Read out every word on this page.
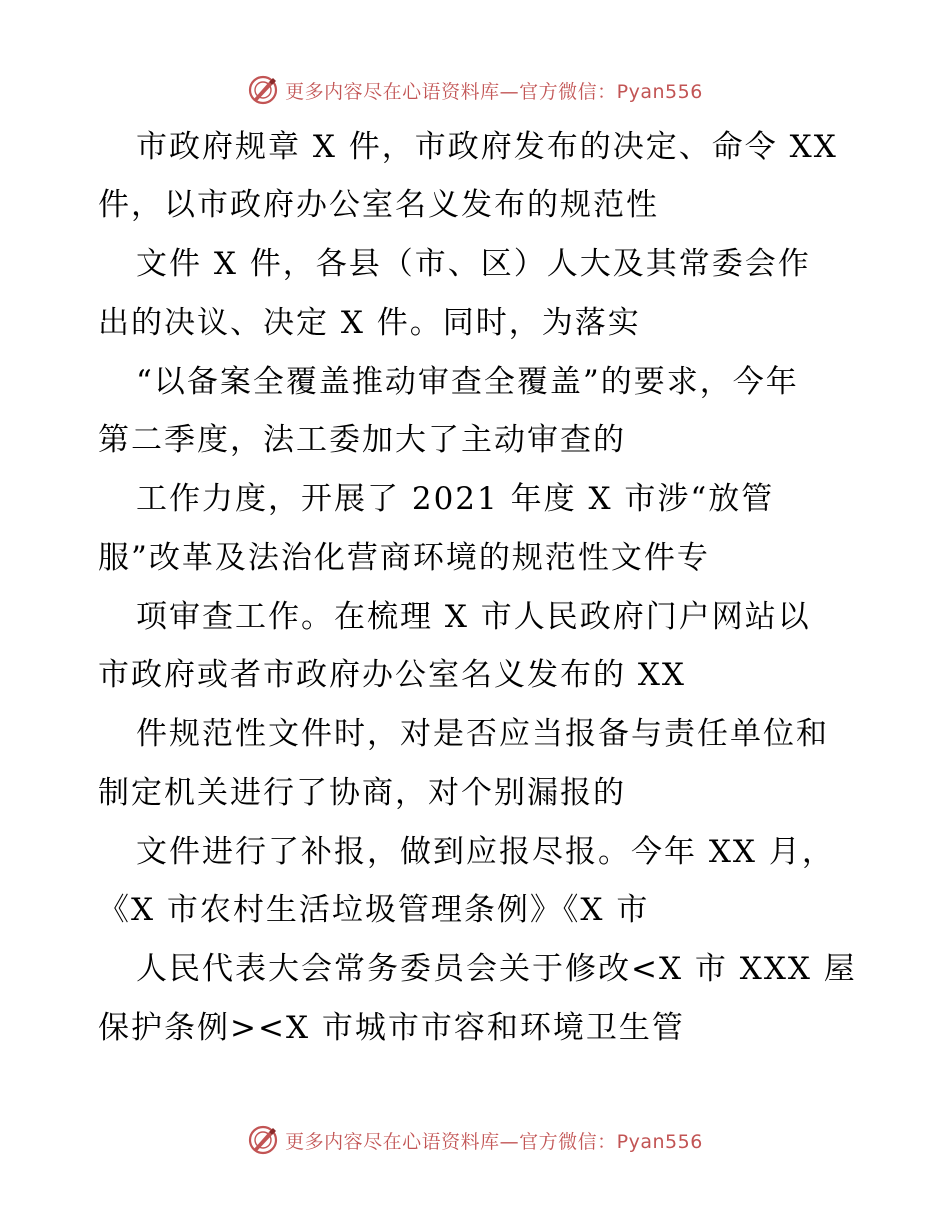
更多内容尽在心语资料库—官方微信：Pyan556
市政府规章 X 件，市政府发布的决定、命令 XX
件，以市政府办公室名义发布的规范性
文件 X 件，各县（市、区）人大及其常委会作
出的决议、决定 X 件。同时，为落实
“以备案全覆盖推动审查全覆盖”的要求，今年
第二季度，法工委加大了主动审查的
工作力度，开展了 2021 年度 X 市涉“放管
服”改革及法治化营商环境的规范性文件专
项审查工作。在梳理 X 市人民政府门户网站以
市政府或者市政府办公室名义发布的 XX
件规范性文件时，对是否应当报备与责任单位和
制定机关进行了协商，对个别漏报的
文件进行了补报，做到应报尽报。今年 XX 月，
《X 市农村生活垃圾管理条例》《X 市
人民代表大会常务委员会关于修改<X 市 XXX 屋
保护条例><X 市城市市容和环境卫生管
更多内容尽在心语资料库—官方微信：Pyan556
